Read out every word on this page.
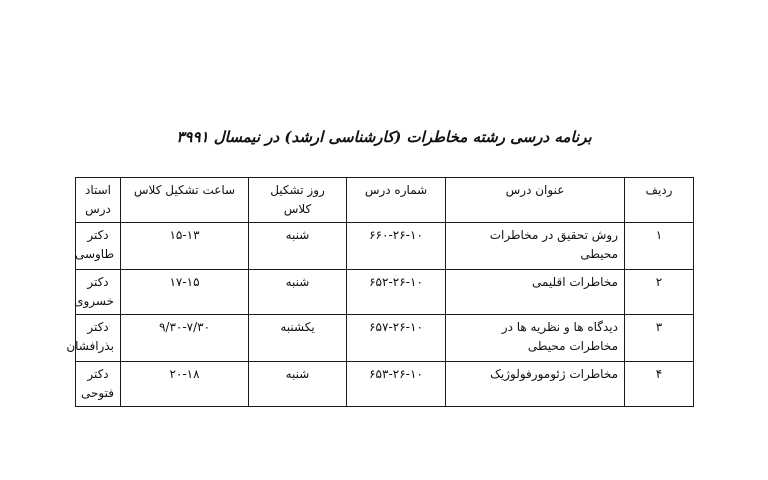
برنامه درسی رشته مخاطرات (کارشناسی ارشد) در نیمسال ۳۹۹۱
ردیف	عنوان درس	شماره درس	روز تشکیل کلاس	ساعت تشکیل کلاس	استاد درس
۱	روش تحقیق در مخاطرات محیطی	۶۶۰-۲۶-۱۰	شنبه	۱۵-۱۳	دکتر طاوسی
۲	مخاطرات اقلیمی	۶۵۲-۲۶-۱۰	شنبه	۱۷-۱۵	دکتر خسروی
۳	دیدگاه ها و نظریه ها در مخاطرات محیطی	۶۵۷-۲۶-۱۰	یکشنبه	۹/۳۰-۷/۳۰	دکتر بذرافشان
۴	مخاطرات ژئومورفولوژیک	۶۵۳-۲۶-۱۰	شنبه	۲۰-۱۸	دکتر فتوحی
